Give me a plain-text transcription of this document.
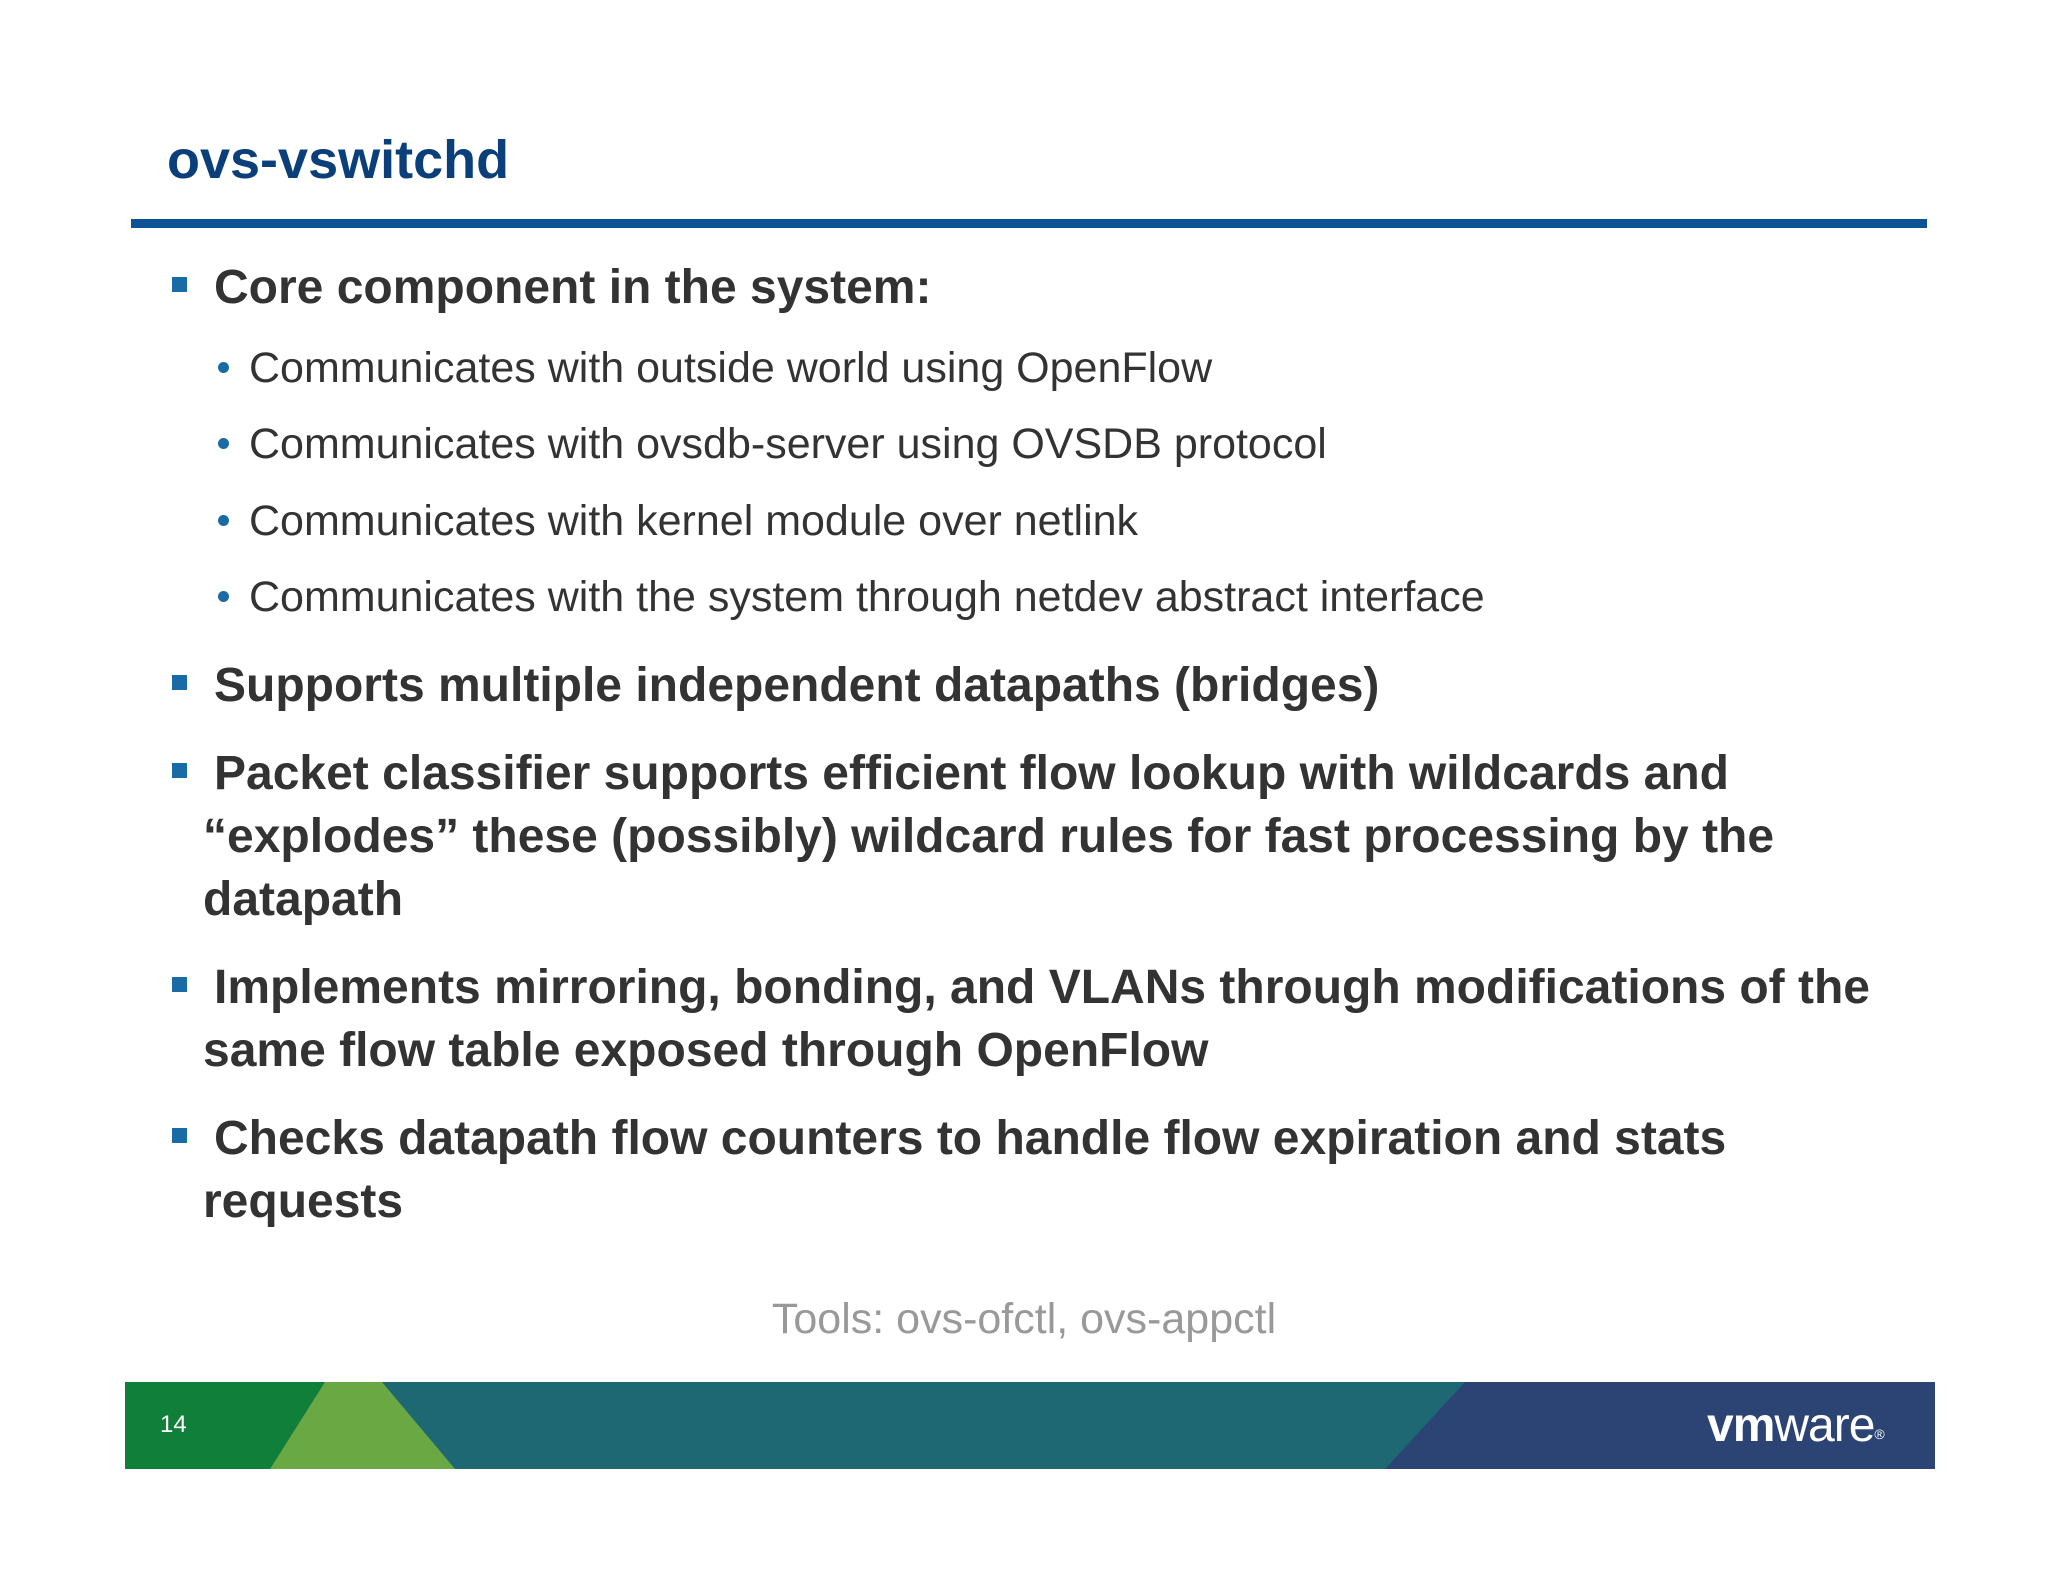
ovs-vswitchd
Core component in the system:
Communicates with outside world using OpenFlow
Communicates with ovsdb-server using OVSDB protocol
Communicates with kernel module over netlink
Communicates with the system through netdev abstract interface
Supports multiple independent datapaths (bridges)
Packet classifier supports efficient flow lookup with wildcards and “explodes” these (possibly) wildcard rules for fast processing by the datapath
Implements mirroring, bonding, and VLANs through modifications of the same flow table exposed through OpenFlow
Checks datapath flow counters to handle flow expiration and stats requests
Tools: ovs-ofctl, ovs-appctl
14	vmware®
